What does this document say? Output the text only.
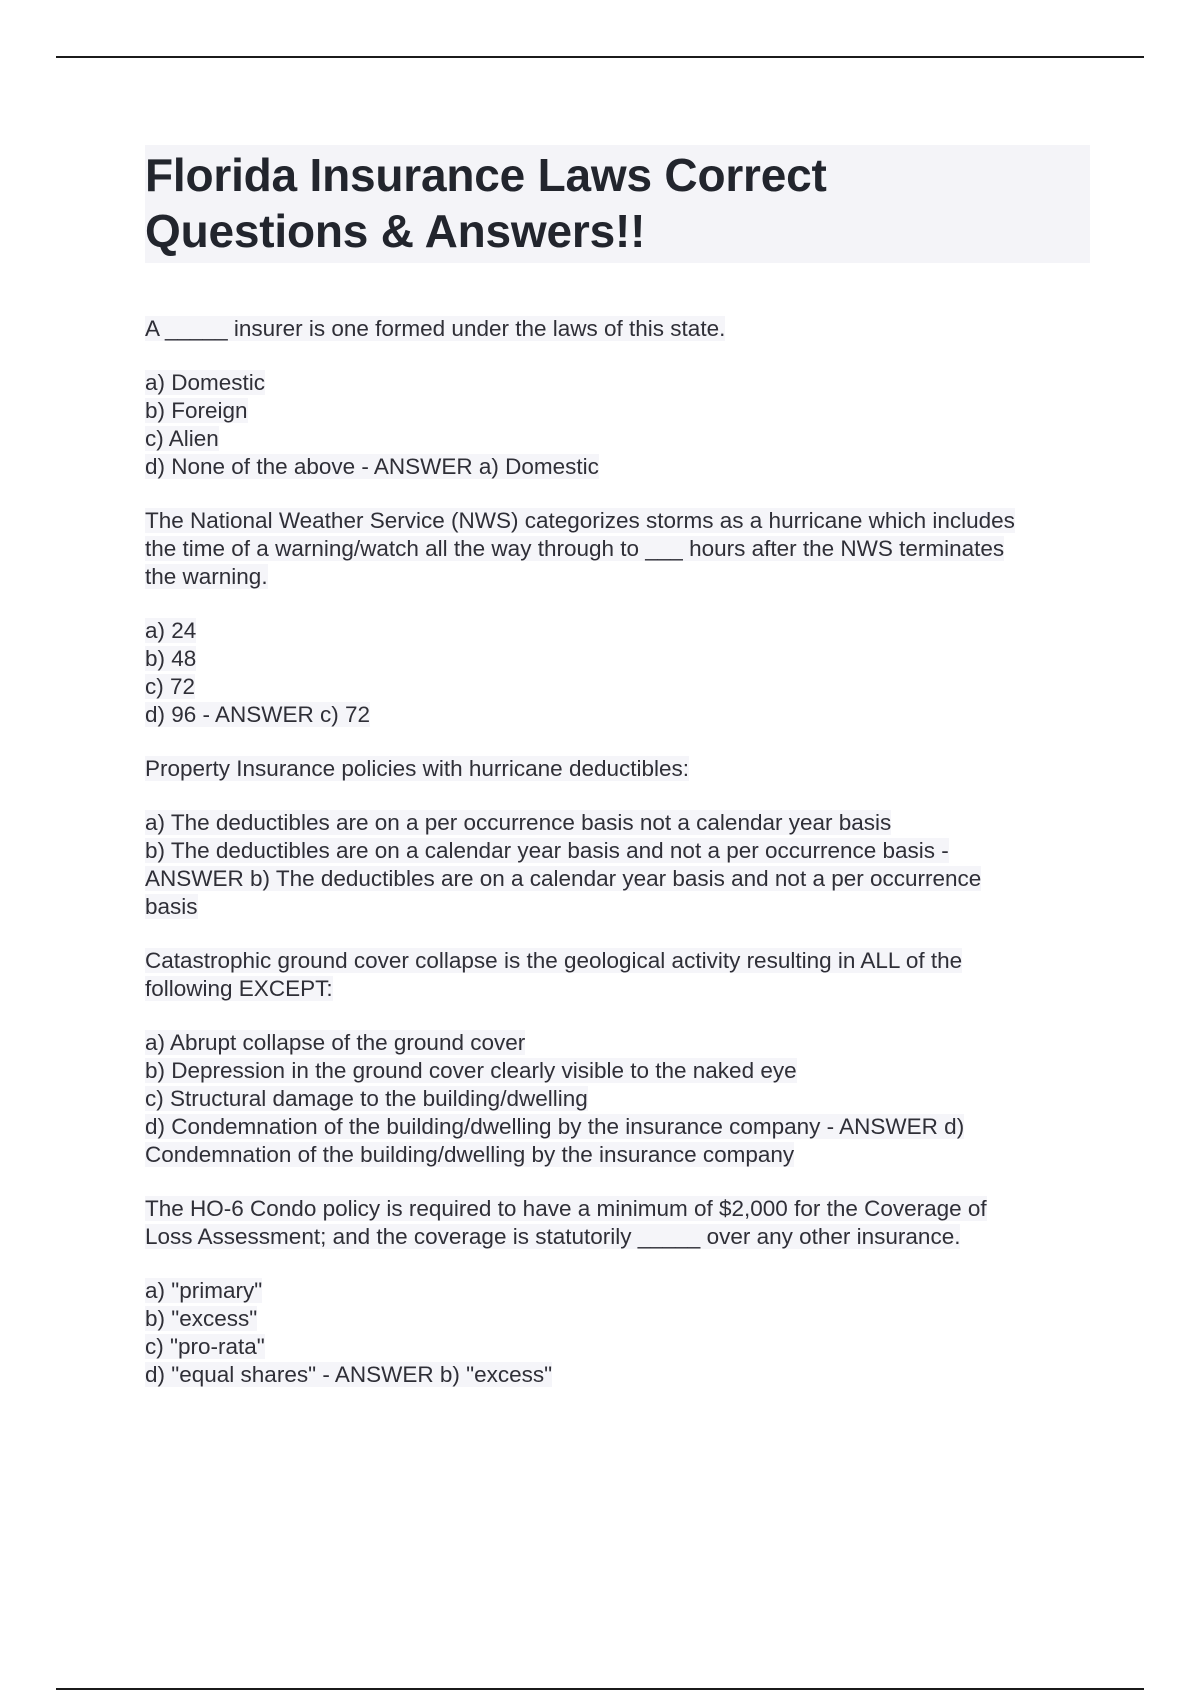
Florida Insurance Laws Correct
Questions & Answers!!
A _____ insurer is one formed under the laws of this state.
a) Domestic
b) Foreign
c) Alien
d) None of the above - ANSWER a) Domestic
The National Weather Service (NWS) categorizes storms as a hurricane which includes
the time of a warning/watch all the way through to ___ hours after the NWS terminates
the warning.
a) 24
b) 48
c) 72
d) 96 - ANSWER c) 72
Property Insurance policies with hurricane deductibles:
a) The deductibles are on a per occurrence basis not a calendar year basis
b) The deductibles are on a calendar year basis and not a per occurrence basis -
ANSWER b) The deductibles are on a calendar year basis and not a per occurrence
basis
Catastrophic ground cover collapse is the geological activity resulting in ALL of the
following EXCEPT:
a) Abrupt collapse of the ground cover
b) Depression in the ground cover clearly visible to the naked eye
c) Structural damage to the building/dwelling
d) Condemnation of the building/dwelling by the insurance company - ANSWER d)
Condemnation of the building/dwelling by the insurance company
The HO-6 Condo policy is required to have a minimum of $2,000 for the Coverage of
Loss Assessment; and the coverage is statutorily _____ over any other insurance.
a) "primary"
b) "excess"
c) "pro-rata"
d) "equal shares" - ANSWER b) "excess"
